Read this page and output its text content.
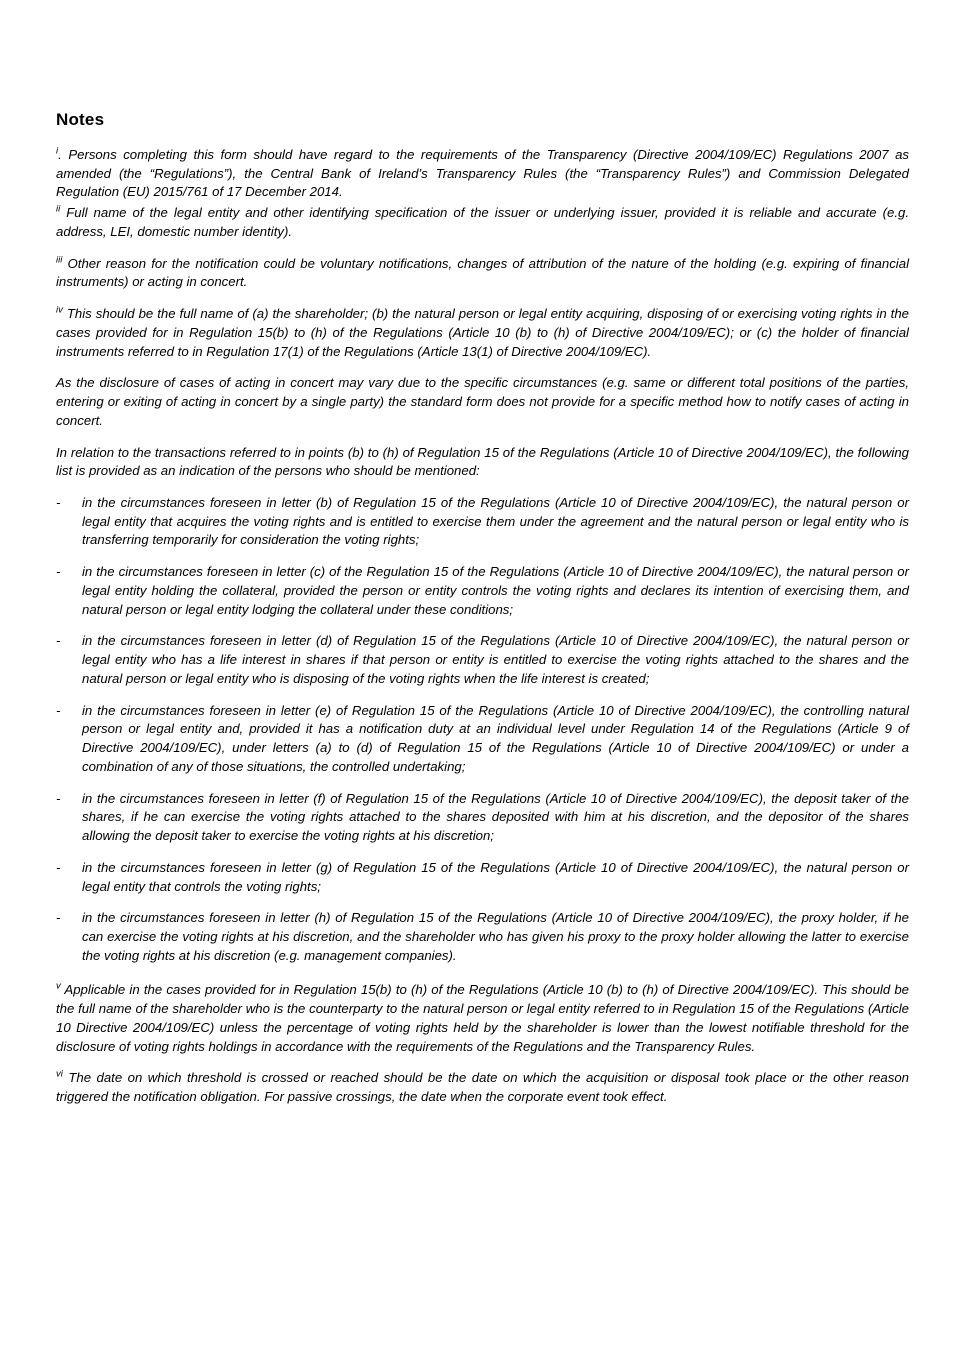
Notes

$^i$. Persons completing this form should have regard to the requirements of the Transparency (Directive 2004/109/EC) Regulations 2007 as amended (the “Regulations”), the Central Bank of Ireland’s Transparency Rules (the “Transparency Rules”) and Commission Delegated Regulation (EU) 2015/761 of 17 December 2014.

$^{ii}$ Full name of the legal entity and other identifying specification of the issuer or underlying issuer, provided it is reliable and accurate (e.g. address, LEI, domestic number identity).

$^{iii}$ Other reason for the notification could be voluntary notifications, changes of attribution of the nature of the holding (e.g. expiring of financial instruments) or acting in concert.

$^{iv}$ This should be the full name of (a) the shareholder; (b) the natural person or legal entity acquiring, disposing of or exercising voting rights in the cases provided for in Regulation 15(b) to (h) of the Regulations (Article 10 (b) to (h) of Directive 2004/109/EC); or (c) the holder of financial instruments referred to in Regulation 17(1) of the Regulations (Article 13(1) of Directive 2004/109/EC).

As the disclosure of cases of acting in concert may vary due to the specific circumstances (e.g. same or different total positions of the parties, entering or exiting of acting in concert by a single party) the standard form does not provide for a specific method how to notify cases of acting in concert.

In relation to the transactions referred to in points (b) to (h) of Regulation 15 of the Regulations (Article 10 of Directive 2004/109/EC), the following list is provided as an indication of the persons who should be mentioned:

-	in the circumstances foreseen in letter (b) of Regulation 15 of the Regulations (Article 10 of Directive 2004/109/EC), the natural person or legal entity that acquires the voting rights and is entitled to exercise them under the agreement and the natural person or legal entity who is transferring temporarily for consideration the voting rights;
-	in the circumstances foreseen in letter (c) of the Regulation 15 of the Regulations (Article 10 of Directive 2004/109/EC), the natural person or legal entity holding the collateral, provided the person or entity controls the voting rights and declares its intention of exercising them, and natural person or legal entity lodging the collateral under these conditions;
-	in the circumstances foreseen in letter (d) of Regulation 15 of the Regulations (Article 10 of Directive 2004/109/EC), the natural person or legal entity who has a life interest in shares if that person or entity is entitled to exercise the voting rights attached to the shares and the natural person or legal entity who is disposing of the voting rights when the life interest is created;
-	in the circumstances foreseen in letter (e) of Regulation 15 of the Regulations (Article 10 of Directive 2004/109/EC), the controlling natural person or legal entity and, provided it has a notification duty at an individual level under Regulation 14 of the Regulations (Article 9 of Directive 2004/109/EC), under letters (a) to (d) of Regulation 15 of the Regulations (Article 10 of Directive 2004/109/EC) or under a combination of any of those situations, the controlled undertaking;
-	in the circumstances foreseen in letter (f) of Regulation 15 of the Regulations (Article 10 of Directive 2004/109/EC), the deposit taker of the shares, if he can exercise the voting rights attached to the shares deposited with him at his discretion, and the depositor of the shares allowing the deposit taker to exercise the voting rights at his discretion;
-	in the circumstances foreseen in letter (g) of Regulation 15 of the Regulations (Article 10 of Directive 2004/109/EC), the natural person or legal entity that controls the voting rights;
-	in the circumstances foreseen in letter (h) of Regulation 15 of the Regulations (Article 10 of Directive 2004/109/EC), the proxy holder, if he can exercise the voting rights at his discretion, and the shareholder who has given his proxy to the proxy holder allowing the latter to exercise the voting rights at his discretion (e.g. management companies).

$^v$ Applicable in the cases provided for in Regulation 15(b) to (h) of the Regulations (Article 10 (b) to (h) of Directive 2004/109/EC). This should be the full name of the shareholder who is the counterparty to the natural person or legal entity referred to in Regulation 15 of the Regulations (Article 10 Directive 2004/109/EC) unless the percentage of voting rights held by the shareholder is lower than the lowest notifiable threshold for the disclosure of voting rights holdings in accordance with the requirements of the Regulations and the Transparency Rules.

$^{vi}$ The date on which threshold is crossed or reached should be the date on which the acquisition or disposal took place or the other reason triggered the notification obligation. For passive crossings, the date when the corporate event took effect.
